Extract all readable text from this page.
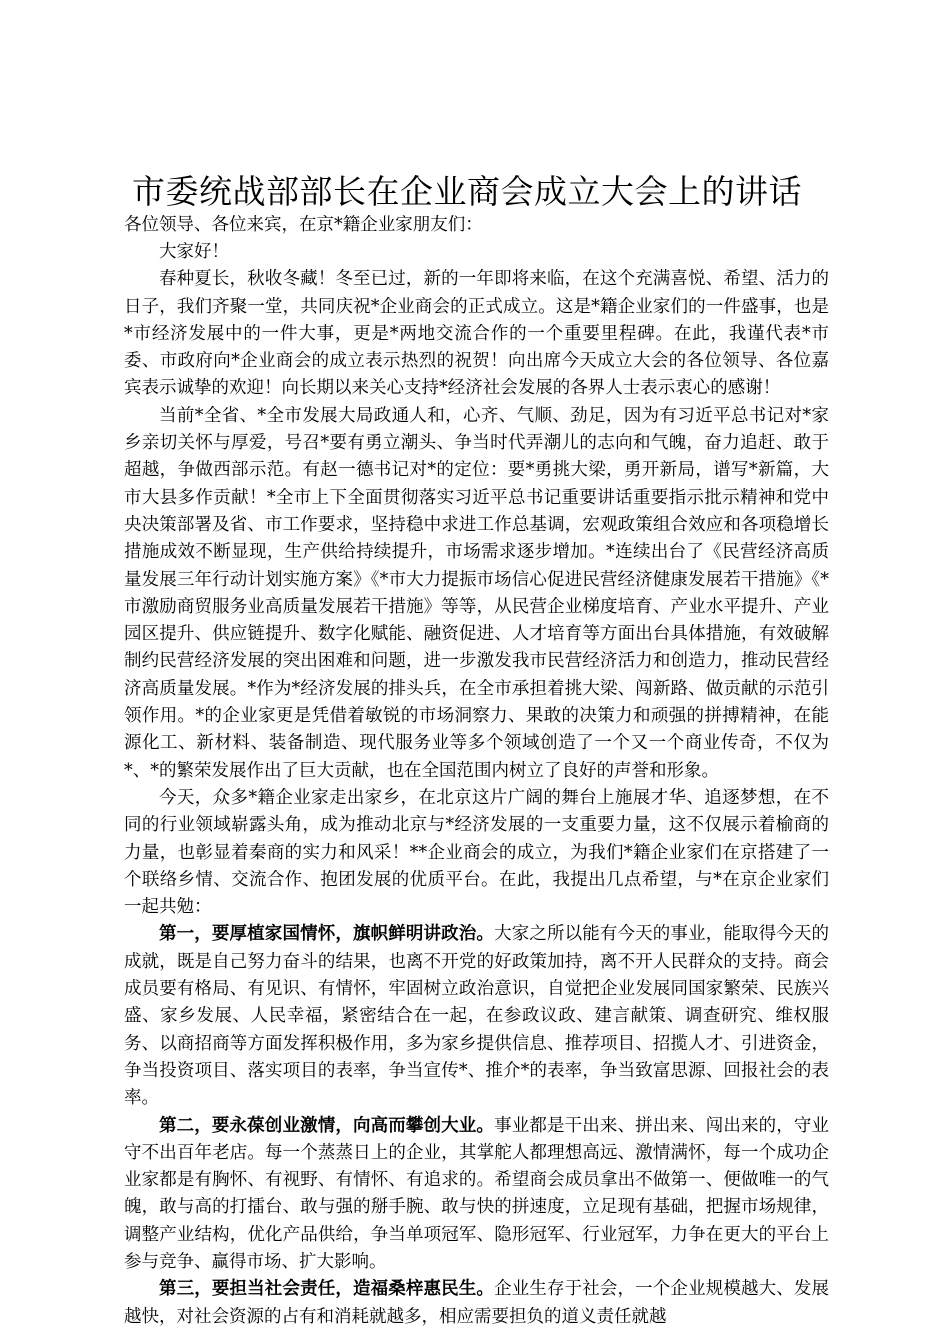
市委统战部部长在企业商会成立大会上的讲话

各位领导、各位来宾，在京*籍企业家朋友们：

大家好！

春种夏长，秋收冬藏！冬至已过，新的一年即将来临，在这个充满喜悦、希望、活力的日子，我们齐聚一堂，共同庆祝*企业商会的正式成立。这是*籍企业家们的一件盛事，也是*市经济发展中的一件大事，更是*两地交流合作的一个重要里程碑。在此，我谨代表*市委、市政府向*企业商会的成立表示热烈的祝贺！向出席今天成立大会的各位领导、各位嘉宾表示诚挚的欢迎！向长期以来关心支持*经济社会发展的各界人士表示衷心的感谢！

当前*全省、*全市发展大局政通人和，心齐、气顺、劲足，因为有习近平总书记对*家乡亲切关怀与厚爱，号召*要有勇立潮头、争当时代弄潮儿的志向和气魄，奋力追赶、敢于超越，争做西部示范。有赵一德书记对*的定位：要*勇挑大梁，勇开新局，谱写*新篇，大市大县多作贡献！*全市上下全面贯彻落实习近平总书记重要讲话重要指示批示精神和党中央决策部署及省、市工作要求，坚持稳中求进工作总基调，宏观政策组合效应和各项稳增长措施成效不断显现，生产供给持续提升，市场需求逐步增加。*连续出台了《民营经济高质量发展三年行动计划实施方案》《*市大力提振市场信心促进民营经济健康发展若干措施》《*市激励商贸服务业高质量发展若干措施》等等，从民营企业梯度培育、产业水平提升、产业园区提升、供应链提升、数字化赋能、融资促进、人才培育等方面出台具体措施，有效破解制约民营经济发展的突出困难和问题，进一步激发我市民营经济活力和创造力，推动民营经济高质量发展。*作为*经济发展的排头兵，在全市承担着挑大梁、闯新路、做贡献的示范引领作用。*的企业家更是凭借着敏锐的市场洞察力、果敢的决策力和顽强的拼搏精神，在能源化工、新材料、装备制造、现代服务业等多个领域创造了一个又一个商业传奇，不仅为*、*的繁荣发展作出了巨大贡献，也在全国范围内树立了良好的声誉和形象。

今天，众多*籍企业家走出家乡，在北京这片广阔的舞台上施展才华、追逐梦想，在不同的行业领域崭露头角，成为推动北京与*经济发展的一支重要力量，这不仅展示着榆商的力量，也彰显着秦商的实力和风采！**企业商会的成立，为我们*籍企业家们在京搭建了一个联络乡情、交流合作、抱团发展的优质平台。在此，我提出几点希望，与*在京企业家们一起共勉：

第一，要厚植家国情怀，旗帜鲜明讲政治。大家之所以能有今天的事业，能取得今天的成就，既是自己努力奋斗的结果，也离不开党的好政策加持，离不开人民群众的支持。商会成员要有格局、有见识、有情怀，牢固树立政治意识，自觉把企业发展同国家繁荣、民族兴盛、家乡发展、人民幸福，紧密结合在一起，在参政议政、建言献策、调查研究、维权服务、以商招商等方面发挥积极作用，多为家乡提供信息、推荐项目、招揽人才、引进资金，争当投资项目、落实项目的表率，争当宣传*、推介*的表率，争当致富思源、回报社会的表率。

第二，要永葆创业激情，向高而攀创大业。事业都是干出来、拼出来、闯出来的，守业守不出百年老店。每一个蒸蒸日上的企业，其掌舵人都理想高远、激情满怀，每一个成功企业家都是有胸怀、有视野、有情怀、有追求的。希望商会成员拿出不做第一、便做唯一的气魄，敢与高的打擂台、敢与强的掰手腕、敢与快的拼速度，立足现有基础，把握市场规律，调整产业结构，优化产品供给，争当单项冠军、隐形冠军、行业冠军，力争在更大的平台上参与竞争、赢得市场、扩大影响。

第三，要担当社会责任，造福桑梓惠民生。企业生存于社会，一个企业规模越大、发展越快，对社会资源的占有和消耗就越多，相应需要担负的道义责任就越
